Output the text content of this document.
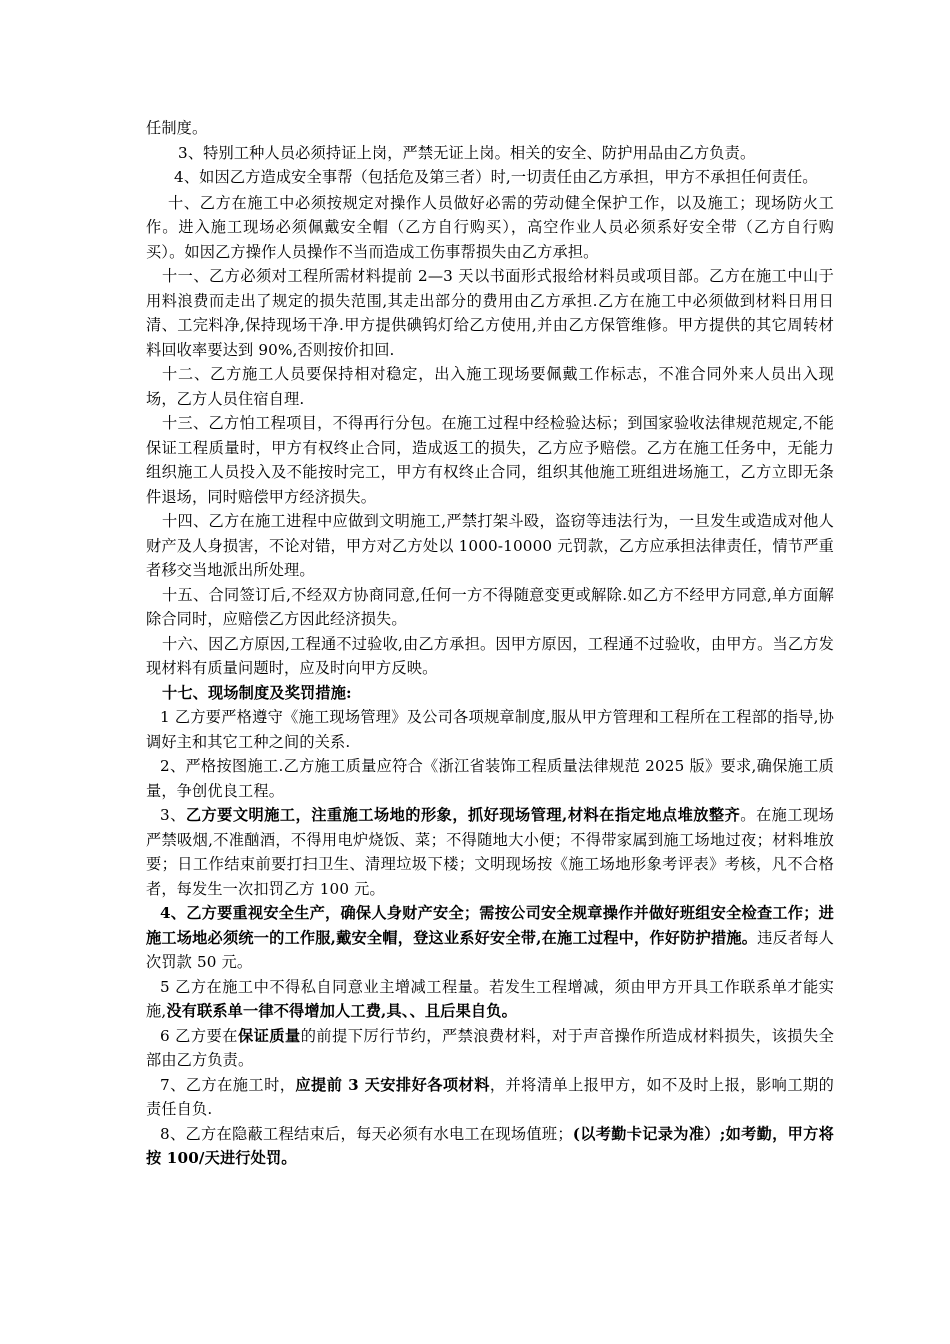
任制度。

3、特别工种人员必须持证上岗，严禁无证上岗。相关的安全、防护用品由乙方负责。

4、如因乙方造成安全事帮（包括危及第三者）时,一切责任由乙方承担，甲方不承担任何责任。

十、乙方在施工中必须按规定对操作人员做好必需的劳动健全保护工作，以及施工；现场防火工作。进入施工现场必须佩戴安全帽（乙方自行购买），高空作业人员必须系好安全带（乙方自行购买）。如因乙方操作人员操作不当而造成工伤事帮损失由乙方承担。

十一、乙方必须对工程所需材料提前 2—3 天以书面形式报给材料员或项目部。乙方在施工中山于用料浪费而走出了规定的损失范围,其走出部分的费用由乙方承担.乙方在施工中必须做到材料日用日清、工完料净,保持现场干净.甲方提供碘钨灯给乙方使用,并由乙方保管维修。甲方提供的其它周转材料回收率要达到 90%,否则按价扣回.

十二、乙方施工人员要保持相对稳定，出入施工现场要佩戴工作标志，不准合同外来人员出入现场，乙方人员住宿自理.

十三、乙方怕工程项目，不得再行分包。在施工过程中经检验达标；到国家验收法律规范规定,不能保证工程质量时，甲方有权终止合同，造成返工的损失，乙方应予赔偿。乙方在施工任务中，无能力组织施工人员投入及不能按时完工，甲方有权终止合同，组织其他施工班组进场施工，乙方立即无条件退场，同时赔偿甲方经济损失。

十四、乙方在施工进程中应做到文明施工,严禁打架斗殴，盗窃等违法行为，一旦发生或造成对他人财产及人身损害，不论对错，甲方对乙方处以 1000-10000 元罚款，乙方应承担法律责任，情节严重者移交当地派出所处理。

十五、合同签订后,不经双方协商同意,任何一方不得随意变更或解除.如乙方不经甲方同意,单方面解除合同时，应赔偿乙方因此经济损失。

十六、因乙方原因,工程通不过验收,由乙方承担。因甲方原因，工程通不过验收，由甲方。当乙方发现材料有质量问题时，应及时向甲方反映。

十七、现场制度及奖罚措施:

1 乙方要严格遵守《施工现场管理》及公司各项规章制度,服从甲方管理和工程所在工程部的指导,协调好主和其它工种之间的关系.

2、严格按图施工.乙方施工质量应符合《浙江省装饰工程质量法律规范 2025 版》要求,确保施工质量，争创优良工程。

3、乙方要文明施工，注重施工场地的形象，抓好现场管理,材料在指定地点堆放整齐。在施工现场严禁吸烟,不准酗酒，不得用电炉烧饭、菜；不得随地大小便；不得带家属到施工场地过夜；材料堆放要；日工作结束前要打扫卫生、清理垃圾下楼；文明现场按《施工场地形象考评表》考核，凡不合格者，每发生一次扣罚乙方 100 元。

4、乙方要重视安全生产，确保人身财产安全；需按公司安全规章操作并做好班组安全检查工作；进施工场地必须统一的工作服,戴安全帽，登这业系好安全带,在施工过程中，作好防护措施。违反者每人次罚款 50 元。

5 乙方在施工中不得私自同意业主增减工程量。若发生工程增减，须由甲方开具工作联系单才能实施,没有联系单一律不得增加人工费,具、、且后果自负。

6 乙方要在保证质量的前提下厉行节约，严禁浪费材料，对于声音操作所造成材料损失，该损失全部由乙方负责。

7、乙方在施工时，应提前 3 天安排好各项材料，并将清单上报甲方，如不及时上报，影响工期的责任自负.

8、乙方在隐蔽工程结束后，每天必须有水电工在现场值班；(以考勤卡记录为准）;如考勤，甲方将按 100/天进行处罚。
